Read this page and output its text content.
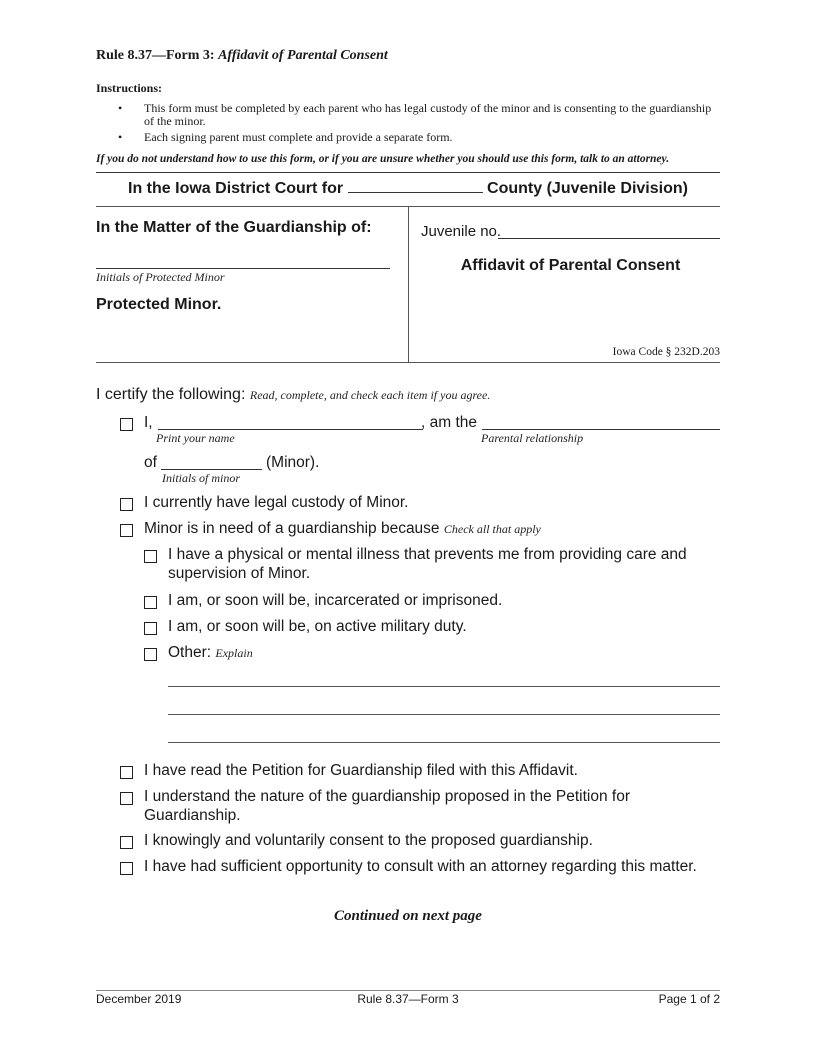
Rule 8.37—Form 3: Affidavit of Parental Consent
Instructions:
•	This form must be completed by each parent who has legal custody of the minor and is consenting to the guardianship of the minor.
•	Each signing parent must complete and provide a separate form.
If you do not understand how to use this form, or if you are unsure whether you should use this form, talk to an attorney.
In the Iowa District Court for	County (Juvenile Division)
In the Matter of the Guardianship of:
Initials of Protected Minor
Protected Minor.
Juvenile no.
Affidavit of Parental Consent
Iowa Code § 232D.203
I certify the following: Read, complete, and check each item if you agree.
I,	, am the
Print your name	Parental relationship
of	(Minor).
Initials of minor
I currently have legal custody of Minor.
Minor is in need of a guardianship because Check all that apply
I have a physical or mental illness that prevents me from providing care and supervision of Minor.
I am, or soon will be, incarcerated or imprisoned.
I am, or soon will be, on active military duty.
Other: Explain
I have read the Petition for Guardianship filed with this Affidavit.
I understand the nature of the guardianship proposed in the Petition for Guardianship.
I knowingly and voluntarily consent to the proposed guardianship.
I have had sufficient opportunity to consult with an attorney regarding this matter.
Continued on next page
December 2019	Rule 8.37—Form 3	Page 1 of 2
